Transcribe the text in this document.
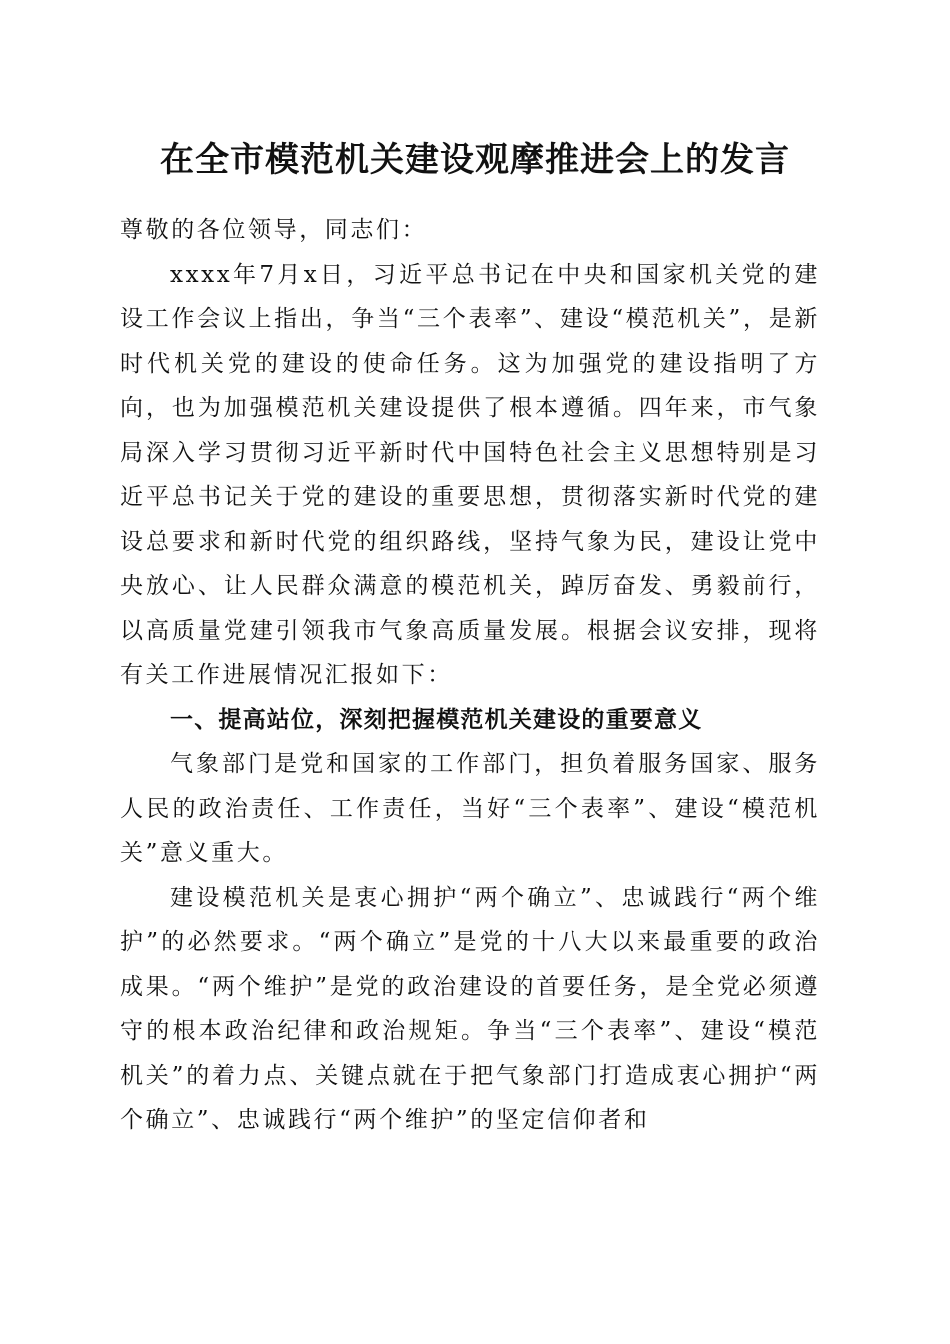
在全市模范机关建设观摩推进会上的发言

尊敬的各位领导，同志们：

xxxx年7月x日，习近平总书记在中央和国家机关党的建设工作会议上指出，争当“三个表率”、建设“模范机关”，是新时代机关党的建设的使命任务。这为加强党的建设指明了方向，也为加强模范机关建设提供了根本遵循。四年来，市气象局深入学习贯彻习近平新时代中国特色社会主义思想特别是习近平总书记关于党的建设的重要思想，贯彻落实新时代党的建设总要求和新时代党的组织路线，坚持气象为民，建设让党中央放心、让人民群众满意的模范机关，踔厉奋发、勇毅前行，以高质量党建引领我市气象高质量发展。根据会议安排，现将有关工作进展情况汇报如下：

一、提高站位，深刻把握模范机关建设的重要意义

气象部门是党和国家的工作部门，担负着服务国家、服务人民的政治责任、工作责任，当好“三个表率”、建设“模范机关”意义重大。

建设模范机关是衷心拥护“两个确立”、忠诚践行“两个维护”的必然要求。“两个确立”是党的十八大以来最重要的政治成果。“两个维护”是党的政治建设的首要任务，是全党必须遵守的根本政治纪律和政治规矩。争当“三个表率”、建设“模范机关”的着力点、关键点就在于把气象部门打造成衷心拥护“两个确立”、忠诚践行“两个维护”的坚定信仰者和
